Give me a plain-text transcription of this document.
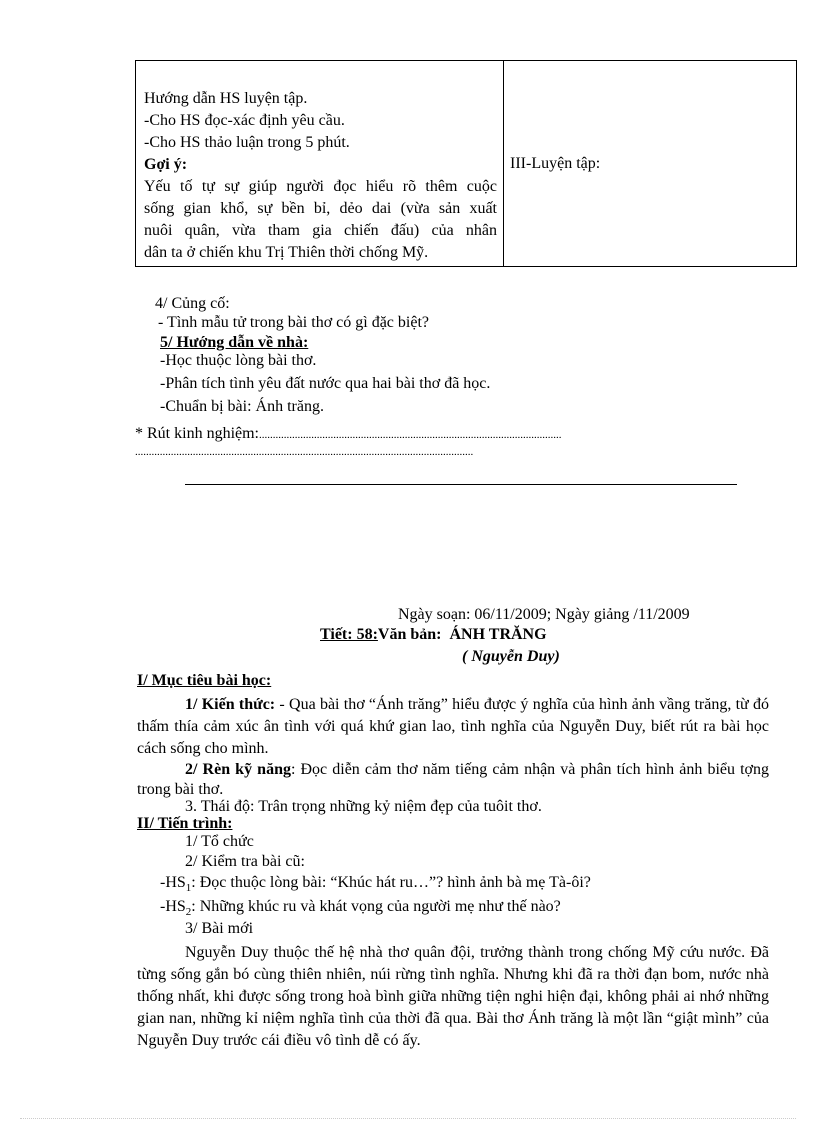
Hướng dẫn HS luyện tập.
-Cho HS đọc-xác định yêu cầu.
-Cho HS thảo luận trong 5 phút.
Gợi ý:
Yếu tố tự sự giúp người đọc hiểu rõ thêm cuộc
sống gian khổ, sự bền bỉ, dẻo dai (vừa sản xuất
nuôi quân, vừa tham gia chiến đấu) của nhân
dân ta ở chiến khu Trị Thiên thời chống Mỹ.
	III-Luyện tập:
4/ Củng cố:
- Tình mẫu tử trong bài thơ có gì đặc biệt?
5/ Hướng dẫn về nhà:
-Học thuộc lòng bài thơ.
-Phân tích tình yêu đất nước qua hai bài thơ đã học.
-Chuẩn bị bài: Ánh trăng.
* Rút kinh nghiệm:..............................................................................................................
...........................................................................................................................
Ngày soạn: 06/11/2009; Ngày giảng /11/2009
Tiết: 58:Văn bản: ÁNH TRĂNG
( Nguyễn Duy)
I/ Mục tiêu bài học:
1/ Kiến thức: - Qua bài thơ “Ánh trăng” hiểu được ý nghĩa của hình ảnh vầng trăng, từ đó thấm thía cảm xúc ân tình với quá khứ gian lao, tình nghĩa của Nguyễn Duy, biết rút ra bài học cách sống cho mình.
2/ Rèn kỹ năng: Đọc diễn cảm thơ năm tiếng cảm nhận và phân tích hình ảnh biểu tợng trong bài thơ.
3. Thái độ: Trân trọng những kỷ niệm đẹp của tuôit thơ.
II/ Tiến trình:
1/ Tổ chức
2/ Kiểm tra bài cũ:
$-HS_1$: Đọc thuộc lòng bài: “Khúc hát ru…”? hình ảnh bà mẹ Tà-ôi?
$-HS_2$: Những khúc ru và khát vọng của người mẹ như thế nào?
3/ Bài mới
Nguyễn Duy thuộc thế hệ nhà thơ quân đội, trưởng thành trong chống Mỹ cứu nước. Đã từng sống gắn bó cùng thiên nhiên, núi rừng tình nghĩa. Nhưng khi đã ra thời đạn bom, nước nhà thống nhất, khi được sống trong hoà bình giữa những tiện nghi hiện đại, không phải ai nhớ những gian nan, những kỉ niệm nghĩa tình của thời đã qua. Bài thơ Ánh trăng là một lần “giật mình” của Nguyễn Duy trước cái điều vô tình dễ có ấy.
